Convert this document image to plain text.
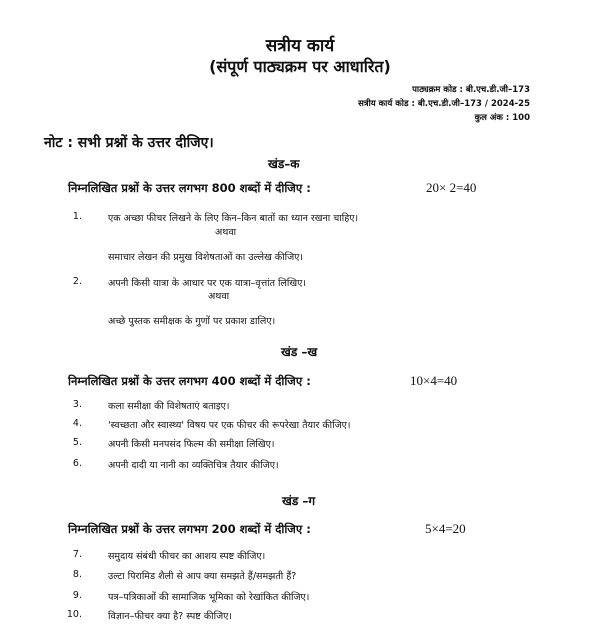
सत्रीय कार्य
(संपूर्ण पाठ्यक्रम पर आधारित)
पाठ्यक्रम कोड : बी.एच.डी.जी–173
सत्रीय कार्य कोड : बी.एच.डी.जी–173 / 2024-25
कुल अंक : 100
नोट : सभी प्रश्नों के उत्तर दीजिए।
खंड–क
निम्नलिखित प्रश्नों के उत्तर लगभग 800 शब्दों में दीजिए :	20× 2=40
1.	एक अच्छा फीचर लिखने के लिए किन–किन बातों का ध्यान रखना चाहिए।
अथवा
समाचार लेखन की प्रमुख विशेषताओं का उल्लेख कीजिए।
2.	अपनी किसी यात्रा के आधार पर एक यात्रा–वृत्तांत लिखिए।
अथवा
अच्छे पुस्तक समीक्षक के गुणों पर प्रकाश डालिए।
खंड –ख
निम्नलिखित प्रश्नों के उत्तर लगभग 400 शब्दों में दीजिए :	10×4=40
3.	कला समीक्षा की विशेषताएं बताइए।
4.	'स्वच्छता और स्वास्थ्य' विषय पर एक फीचर की रूपरेखा तैयार कीजिए।
5.	अपनी किसी मनपसंद फिल्म की समीक्षा लिखिए।
6.	अपनी दादी या नानी का व्यक्तिचित्र तैयार कीजिए।
खंड –ग
निम्नलिखित प्रश्नों के उत्तर लगभग 200 शब्दों में दीजिए :	5×4=20
7.	समुदाय संबंधी फीचर का आशय स्पष्ट कीजिए।
8.	उल्टा पिरामिड शैली से आप क्या समझते हैं/समझती हैं?
9.	पत्र–पत्रिकाओं की सामाजिक भूमिका को रेखांकित कीजिए।
10.	विज्ञान–फीचर क्या है? स्पष्ट कीजिए।
